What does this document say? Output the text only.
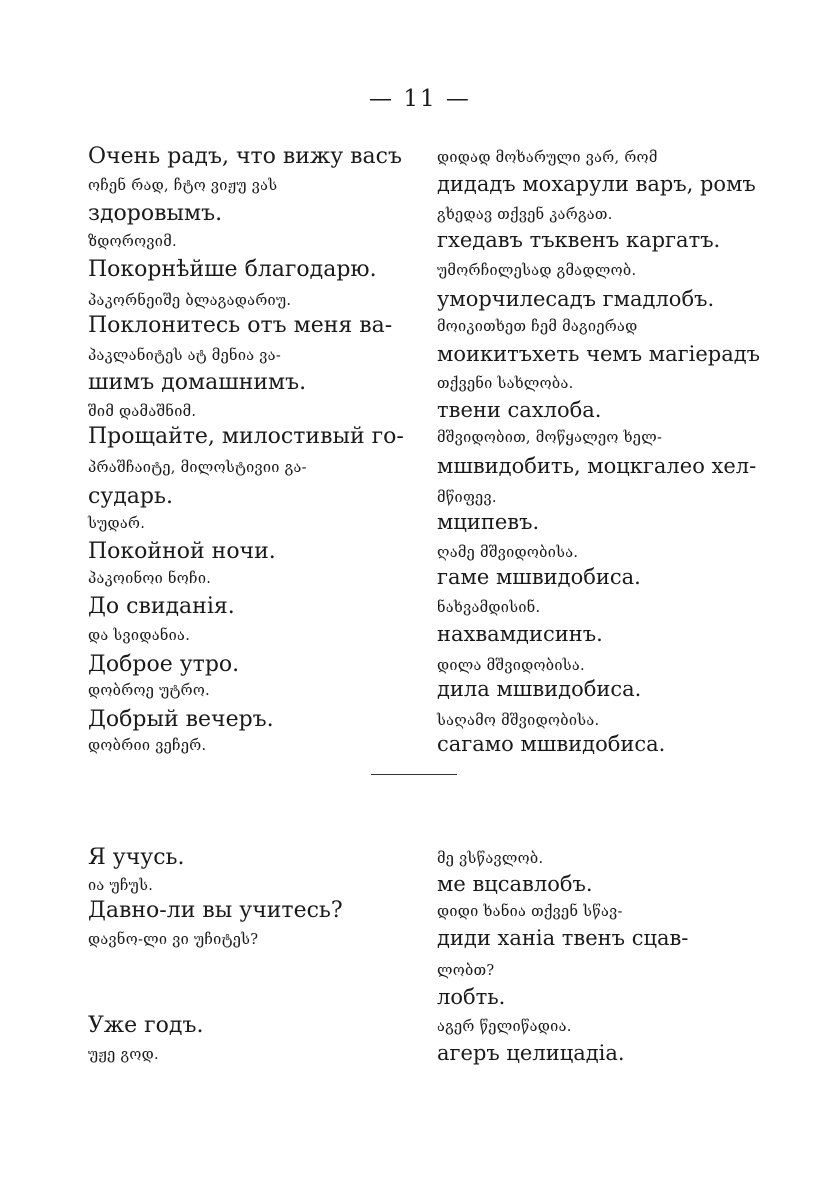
— 11 —
Очень радъ, что вижу васъ
ოჩენ რად, ჩტო ვიჟუ ვას
здоровымъ.
ზდოროვიმ.
Покорнѣйше благодарю.
პაკორნეიშე ბლაგადარიუ.
Поклонитесь отъ меня ва-
პაკლანიტეს ატ მენია ვა-
шимъ домашнимъ.
შიმ დამაშნიმ.
Прощайте, милостивый го-
პრაშჩაიტე, მილოსტივიი გა-
сударь.
სუდარ.
Покойной ночи.
პაკოინოი ნოჩი.
До свиданія.
და სვიდანია.
Доброе утро.
დობროე უტრო.
Добрый вечеръ.
დობრიი ვეჩერ.
Я учусь.
ია უჩუს.
Давно-ли вы учитесь?
დავნო-ლი ვი უჩიტეს?
Уже годъ.
უჟე გოდ.
დიდად მოხარული ვარ, რომ
дидадъ мохарули варъ, ромъ
გხედავ თქვენ კარგათ.
гхедавъ тъквенъ каргатъ.
უმორჩილესად გმადლობ.
уморчилесадъ гмадлобъ.
მოიკითხეთ ჩემ მაგიერად
моикитъхеть чемъ магіерадъ
თქვენი სახლობა.
твени сахлоба.
მშვიდობით, მოწყალეო ხელ-
мшвидобить, моцкгалео хел-
მწიფევ.
мципевъ.
ღამე მშვიდობისა.
гаме мшвидобиса.
ნახვამდისინ.
нахвамдисинъ.
დილა მშვიდობისა.
дила мшвидобиса.
საღამო მშვიდობისა.
сагамо мшвидобиса.
მე ვსწავლობ.
ме вцсавлобъ.
დიდი ხანია თქვენ სწავ-
диди ханіа твенъ сцав-
ლობთ?
лобть.
აგერ წელიწადია.
агеръ целицадіа.
